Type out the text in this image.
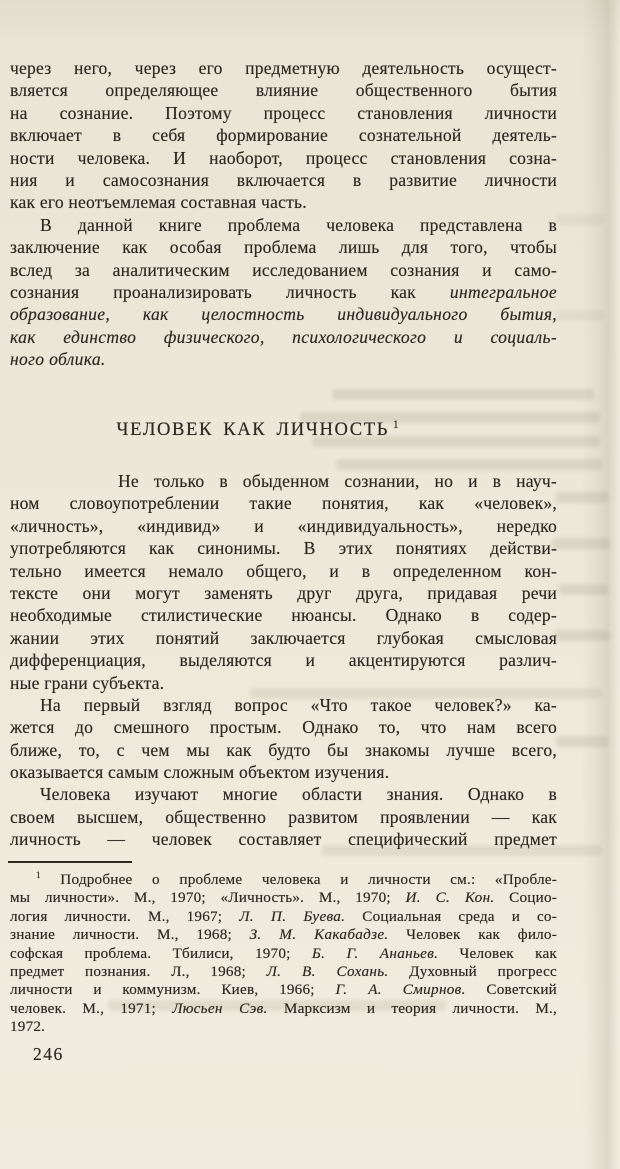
через него, через его предметную деятельность осущест-
вляется определяющее влияние общественного бытия
на сознание. Поэтому процесс становления личности
включает в себя формирование сознательной деятель-
ности человека. И наоборот, процесс становления созна-
ния и самосознания включается в развитие личности
как его неотъемлемая составная часть.
В данной книге проблема человека представлена в
заключение как особая проблема лишь для того, чтобы
вслед за аналитическим исследованием сознания и само-
сознания проанализировать личность как интегральное
образование, как целостность индивидуального бытия,
как единство физического, психологического и социаль-
ного облика.
ЧЕЛОВЕК КАК ЛИЧНОСТЬ $^1$
Не только в обыденном сознании, но и в науч-
ном словоупотреблении такие понятия, как «человек»,
«личность», «индивид» и «индивидуальность», нередко
употребляются как синонимы. В этих понятиях действи-
тельно имеется немало общего, и в определенном кон-
тексте они могут заменять друг друга, придавая речи
необходимые стилистические нюансы. Однако в содер-
жании этих понятий заключается глубокая смысловая
дифференциация, выделяются и акцентируются различ-
ные грани субъекта.
На первый взгляд вопрос «Что такое человек?» ка-
жется до смешного простым. Однако то, что нам всего
ближе, то, с чем мы как будто бы знакомы лучше всего,
оказывается самым сложным объектом изучения.
Человека изучают многие области знания. Однако в
своем высшем, общественно развитом проявлении — как
личность — человек составляет специфический предмет
$^1$ Подробнее о проблеме человека и личности см.: «Пробле-
мы личности». М., 1970; «Личность». М., 1970; И. С. Кон. Социо-
логия личности. М., 1967; Л. П. Буева. Социальная среда и со-
знание личности. М., 1968; З. М. Какабадзе. Человек как фило-
софская проблема. Тбилиси, 1970; Б. Г. Ананьев. Человек как
предмет познания. Л., 1968; Л. В. Сохань. Духовный прогресс
личности и коммунизм. Киев, 1966; Г. А. Смирнов. Советский
человек. М., 1971; Люсьен Сэв. Марксизм и теория личности. М.,
1972.
246
